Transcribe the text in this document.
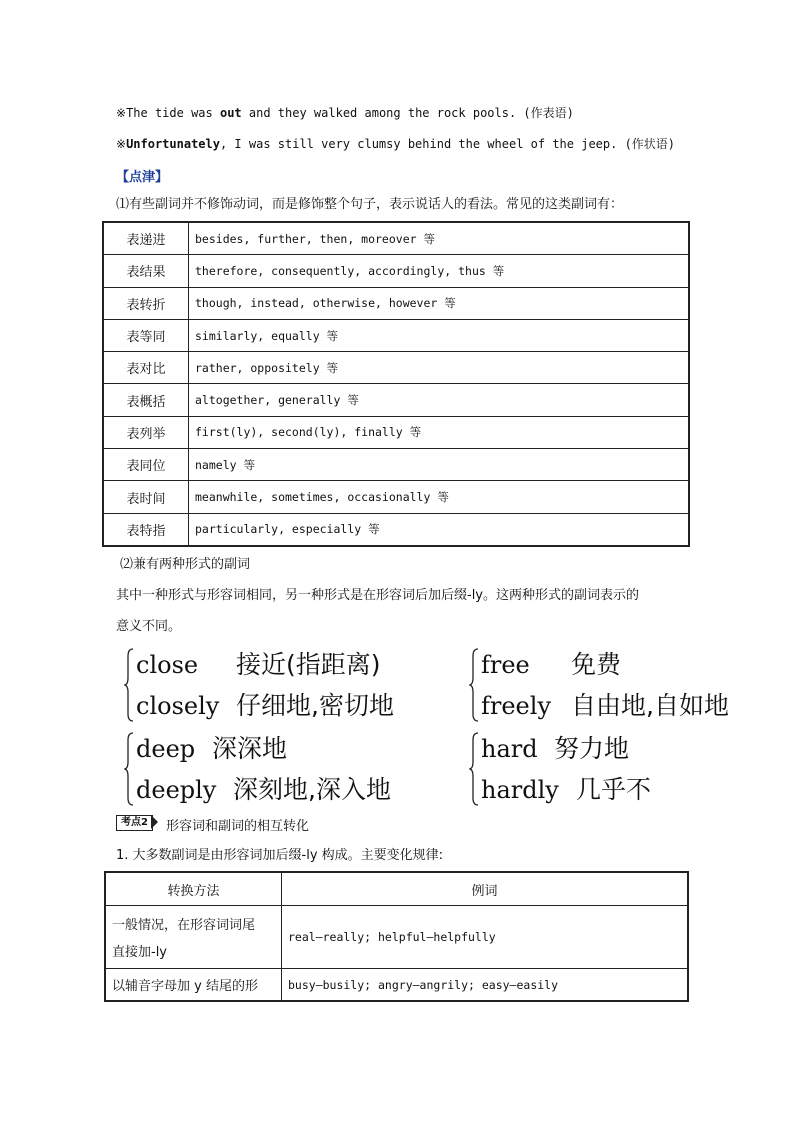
※The tide was out and they walked among the rock pools. (作表语)
※Unfortunately, I was still very clumsy behind the wheel of the jeep. (作状语)
【点津】
⑴有些副词并不修饰动词，而是修饰整个句子，表示说话人的看法。常见的这类副词有：
表递进	besides, further, then, moreover 等
表结果	therefore, consequently, accordingly, thus 等
表转折	though, instead, otherwise, however 等
表等同	similarly, equally 等
表对比	rather, oppositely 等
表概括	altogether, generally 等
表列举	first(ly), second(ly), finally 等
表同位	namely 等
表时间	meanwhile, sometimes, occasionally 等
表特指	particularly, especially 等
⑵兼有两种形式的副词
其中一种形式与形容词相同，另一种形式是在形容词后加后缀-ly。这两种形式的副词表示的
意义不同。
close 接近(指距离)
closely 仔细地,密切地
free 免费
freely 自由地,自如地
deep 深深地
deeply 深刻地,深入地
hard 努力地
hardly 几乎不
考点2	形容词和副词的相互转化
1. 大多数副词是由形容词加后缀-ly 构成。主要变化规律:
转换方法	例词

一般情况，在形容词词尾
直接加-ly	real—really; helpful—helpfully
以辅音字母加 y 结尾的形	busy—busily; angry—angrily; easy—easily
